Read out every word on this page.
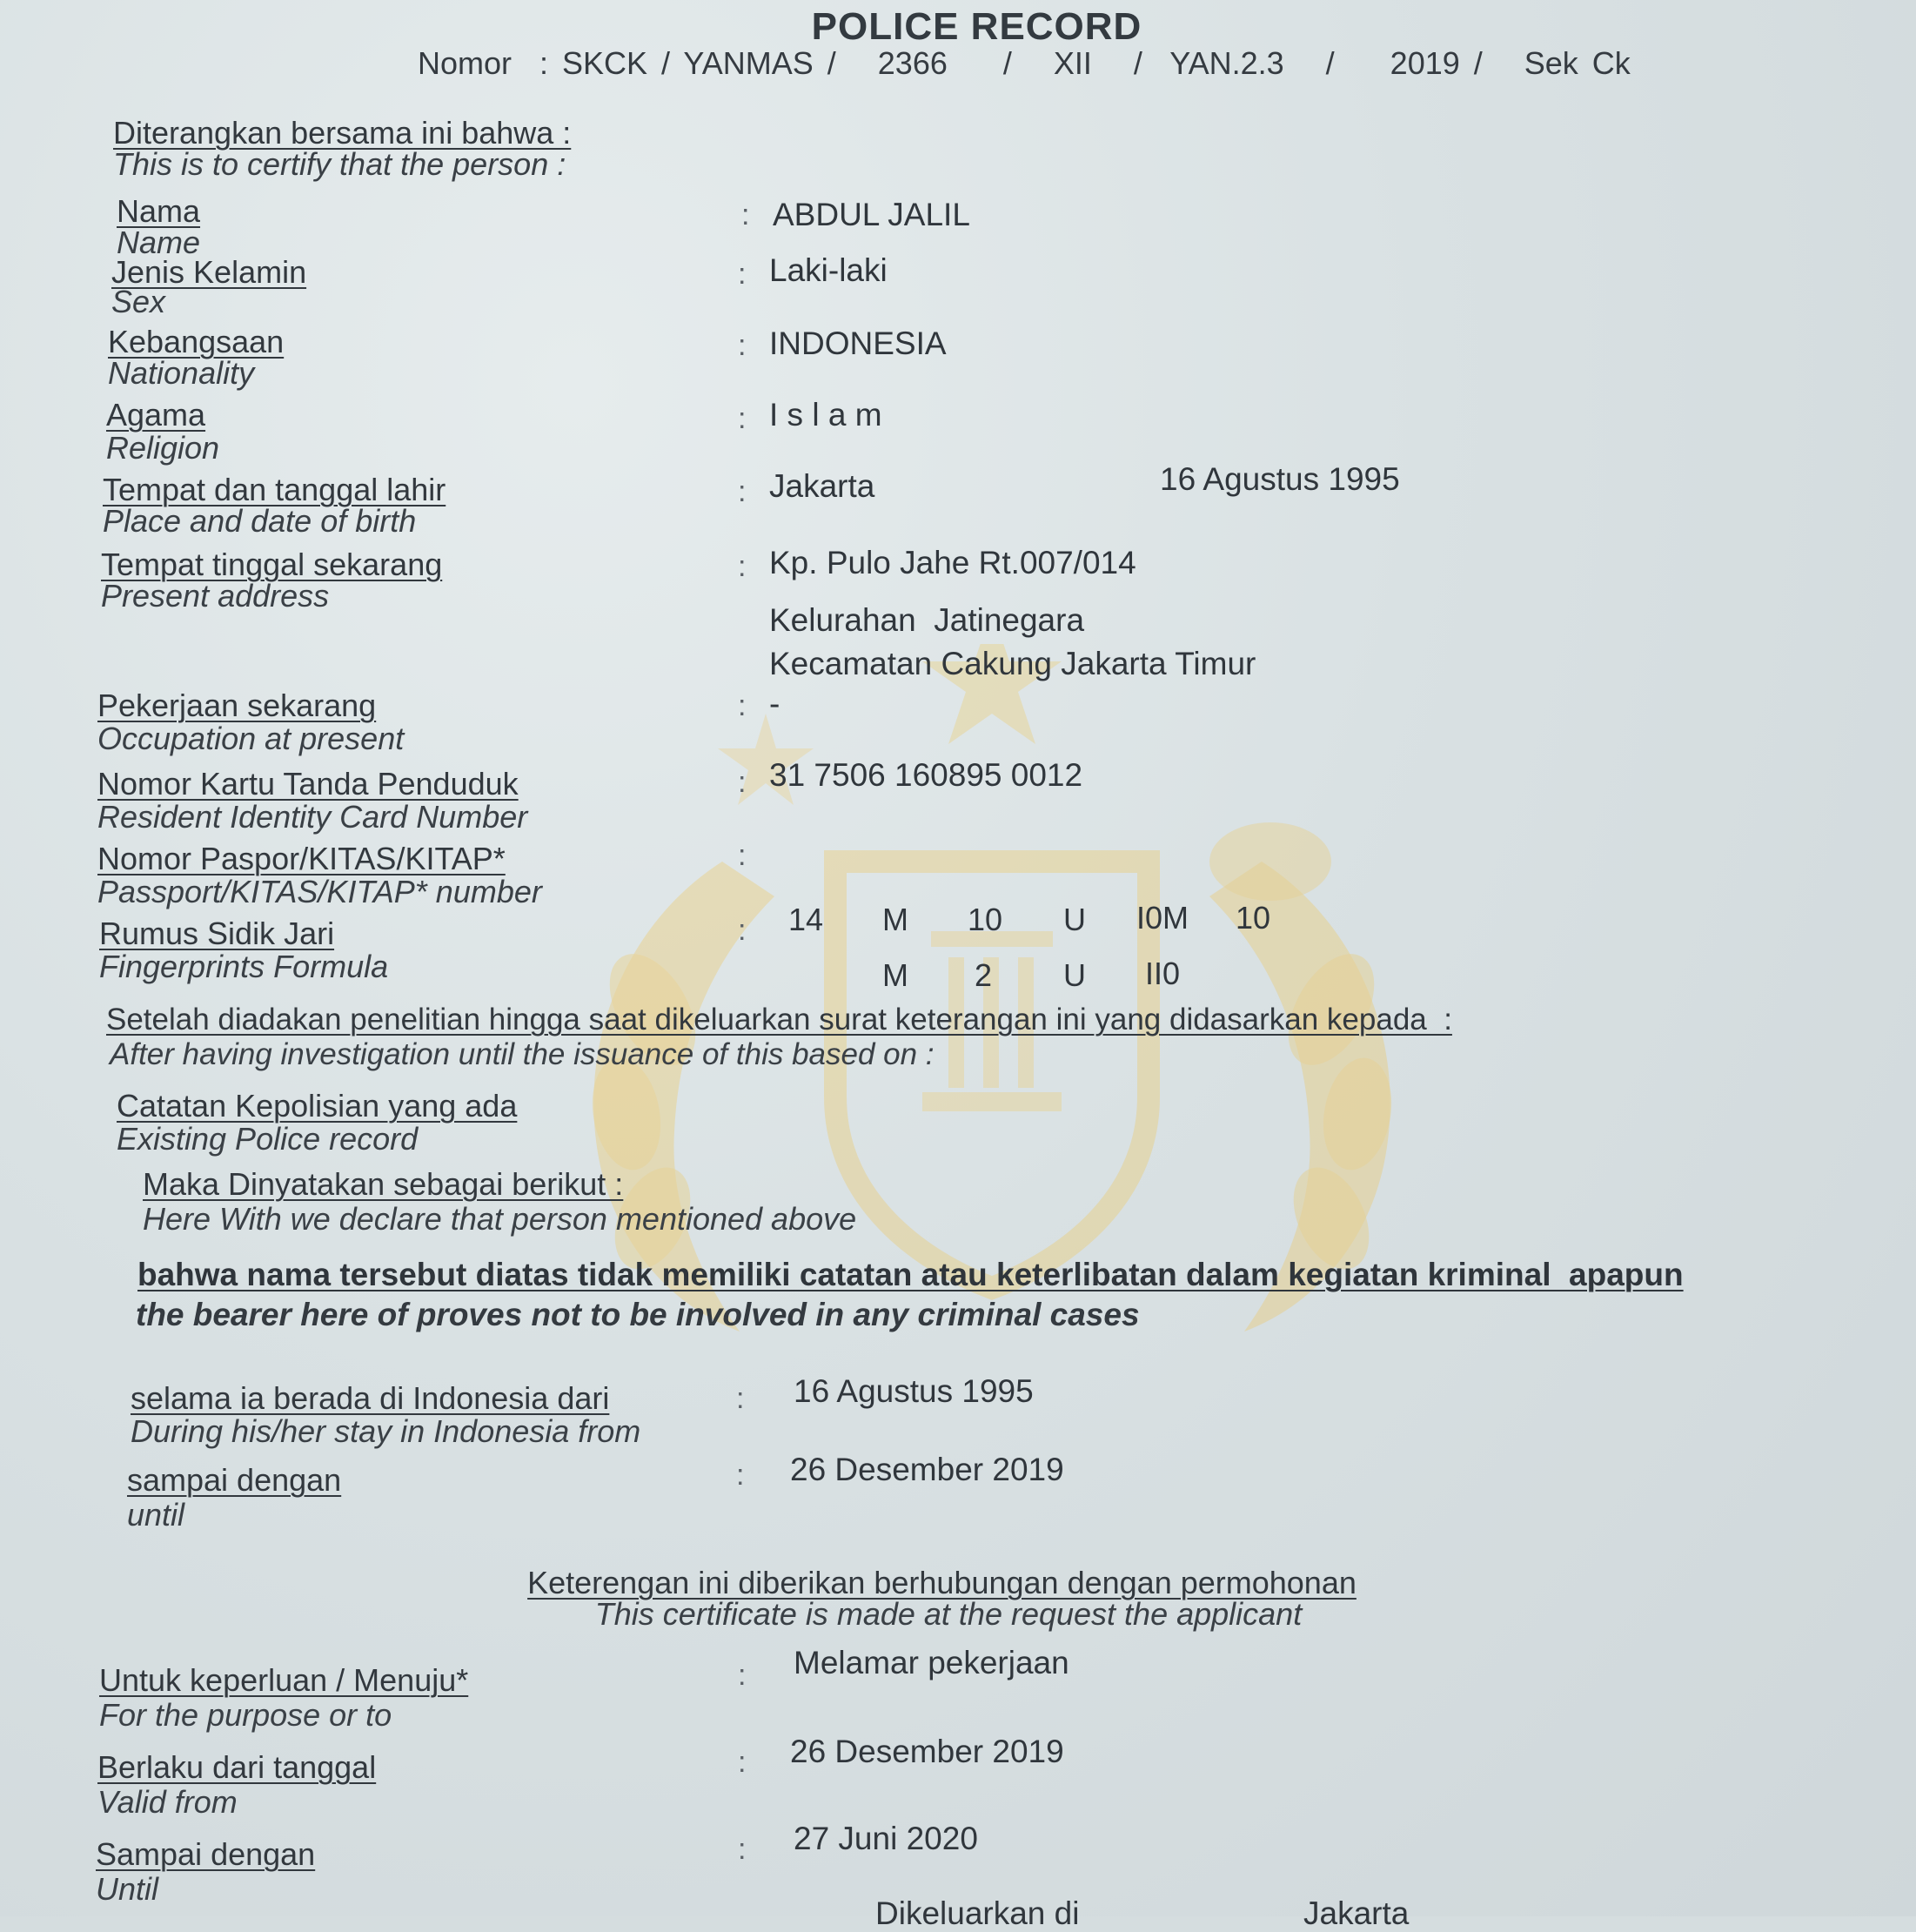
POLICE RECORD
Nomor  : SKCK / YANMAS /   2366    /   XII   /  YAN.2.3   /    2019 /   Sek Ck
Diterangkan bersama ini bahwa :
This is to certify that the person :
Nama
Name
: ABDUL JALIL
Jenis Kelamin
Sex
: Laki-laki
Kebangsaan
Nationality
: INDONESIA
Agama
Religion
: I s l a m
Tempat dan tanggal lahir
Place and date of birth
: Jakarta	16 Agustus 1995
Tempat tinggal sekarang
Present address
: Kp. Pulo Jahe Rt.007/014
Kelurahan  Jatinegara
Kecamatan Cakung Jakarta Timur
Pekerjaan sekarang
Occupation at present
: -
Nomor Kartu Tanda Penduduk
Resident Identity Card Number
: 31 7506 160895 0012
Nomor Paspor/KITAS/KITAP*
Passport/KITAS/KITAP* number
:
Rumus Sidik Jari
Fingerprints Formula
: 14 M 10 U I0M 10
M 2 U II0
Setelah diadakan penelitian hingga saat dikeluarkan surat keterangan ini yang didasarkan kepada  :
After having investigation until the issuance of this based on :
Catatan Kepolisian yang ada
Existing Police record
Maka Dinyatakan sebagai berikut :
Here With we declare that person mentioned above
bahwa nama tersebut diatas tidak memiliki catatan atau keterlibatan dalam kegiatan kriminal  apapun
the bearer here of proves not to be involved in any criminal cases
selama ia berada di Indonesia dari
During his/her stay in Indonesia from
: 16 Agustus 1995
sampai dengan
until
: 26 Desember 2019
Keterengan ini diberikan berhubungan dengan permohonan
This certificate is made at the request the applicant
Untuk keperluan / Menuju*
For the purpose or to
: Melamar pekerjaan
Berlaku dari tanggal
Valid from
: 26 Desember 2019
Sampai dengan
Until
: 27 Juni 2020
Dikeluarkan di	Jakarta
